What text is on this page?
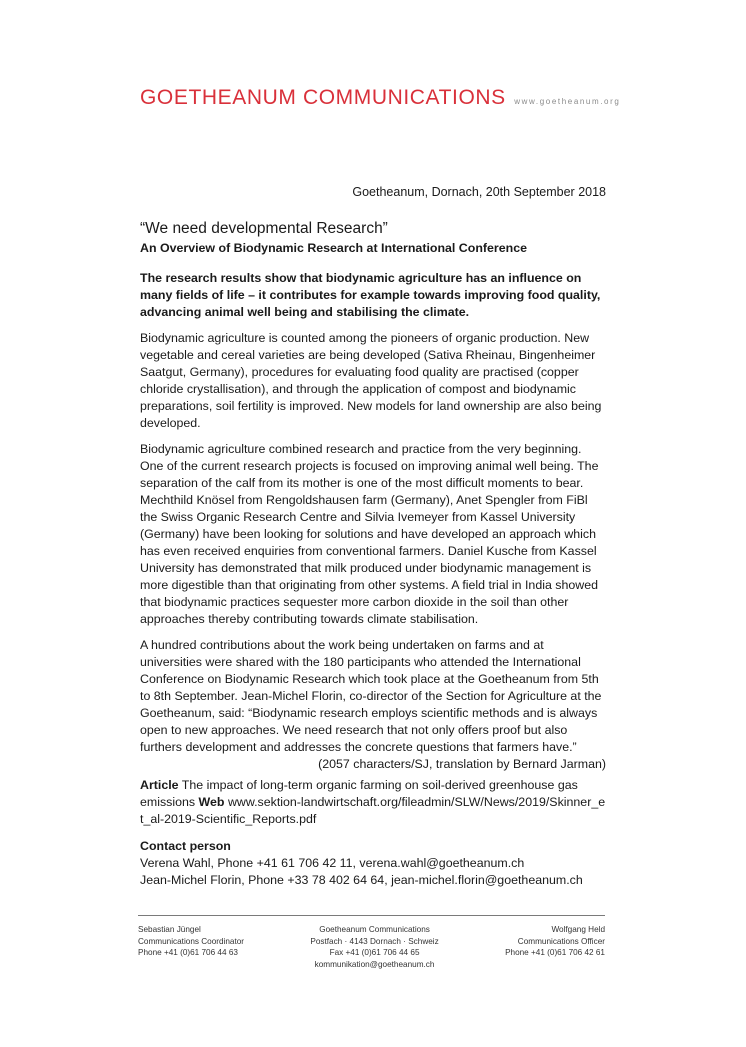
GOETHEANUM COMMUNICATIONS www.goetheanum.org
Goetheanum, Dornach, 20th September 2018
“We need developmental Research”
An Overview of Biodynamic Research at International Conference

The research results show that biodynamic agriculture has an influence on many fields of life – it contributes for example towards improving food quality, advancing animal well being and stabilising the climate.

Biodynamic agriculture is counted among the pioneers of organic production. New vegetable and cereal varieties are being developed (Sativa Rheinau, Bingenheimer Saatgut, Germany), procedures for evaluating food quality are practised (copper chloride crystallisation), and through the application of compost and biodynamic preparations, soil fertility is improved. New models for land ownership are also being developed.

Biodynamic agriculture combined research and practice from the very beginning. One of the current research projects is focused on improving animal well being. The separation of the calf from its mother is one of the most difficult moments to bear. Mechthild Knösel from Rengoldshausen farm (Germany), Anet Spengler from FiBl the Swiss Organic Research Centre and Silvia Ivemeyer from Kassel University (Germany) have been looking for solutions and have developed an approach which has even received enquiries from conventional farmers. Daniel Kusche from Kassel University has demonstrated that milk produced under biodynamic management is more digestible than that originating from other systems. A field trial in India showed that biodynamic practices sequester more carbon dioxide in the soil than other approaches thereby contributing towards climate stabilisation.

A hundred contributions about the work being undertaken on farms and at universities were shared with the 180 participants who attended the International Conference on Biodynamic Research which took place at the Goetheanum from 5th to 8th September. Jean-Michel Florin, co-director of the Section for Agriculture at the Goetheanum, said: “Biodynamic research employs scientific methods and is always open to new approaches. We need research that not only offers proof but also furthers development and addresses the concrete questions that farmers have.”

(2057 characters/SJ, translation by Bernard Jarman)

Article The impact of long-term organic farming on soil-derived greenhouse gas emissions Web www.sektion-landwirtschaft.org/fileadmin/SLW/News/2019/Skinner_et_al-2019-Scientific_Reports.pdf

Contact person
Verena Wahl, Phone +41 61 706 42 11, verena.wahl@goetheanum.ch
Jean-Michel Florin, Phone +33 78 402 64 64, jean-michel.florin@goetheanum.ch
Sebastian Jüngel
Communications Coordinator
Phone +41 (0)61 706 44 63
Goetheanum Communications
Postfach · 4143 Dornach · Schweiz
Fax +41 (0)61 706 44 65
kommunikation@goetheanum.ch
Wolfgang Held
Communications Officer
Phone +41 (0)61 706 42 61
